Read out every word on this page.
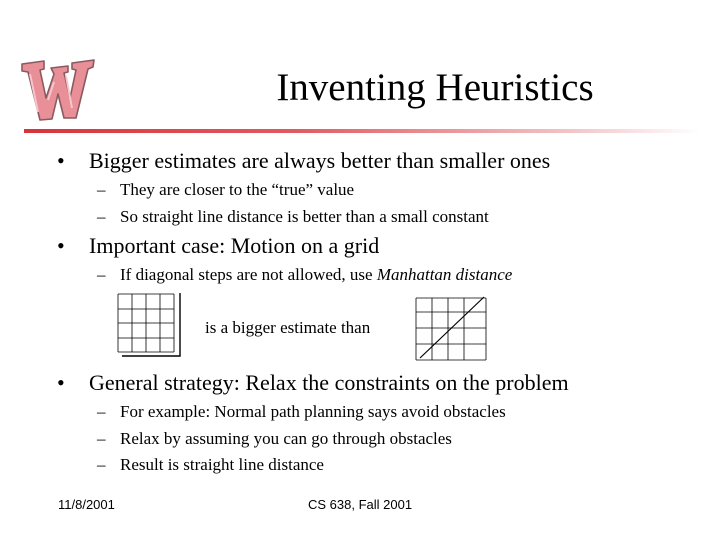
Inventing Heuristics
• Bigger estimates are always better than smaller ones
– They are closer to the “true” value
– So straight line distance is better than a small constant
• Important case: Motion on a grid
– If diagonal steps are not allowed, use Manhattan distance
is a bigger estimate than
• General strategy: Relax the constraints on the problem
– For example: Normal path planning says avoid obstacles
– Relax by assuming you can go through obstacles
– Result is straight line distance
11/8/2001	CS 638, Fall 2001
